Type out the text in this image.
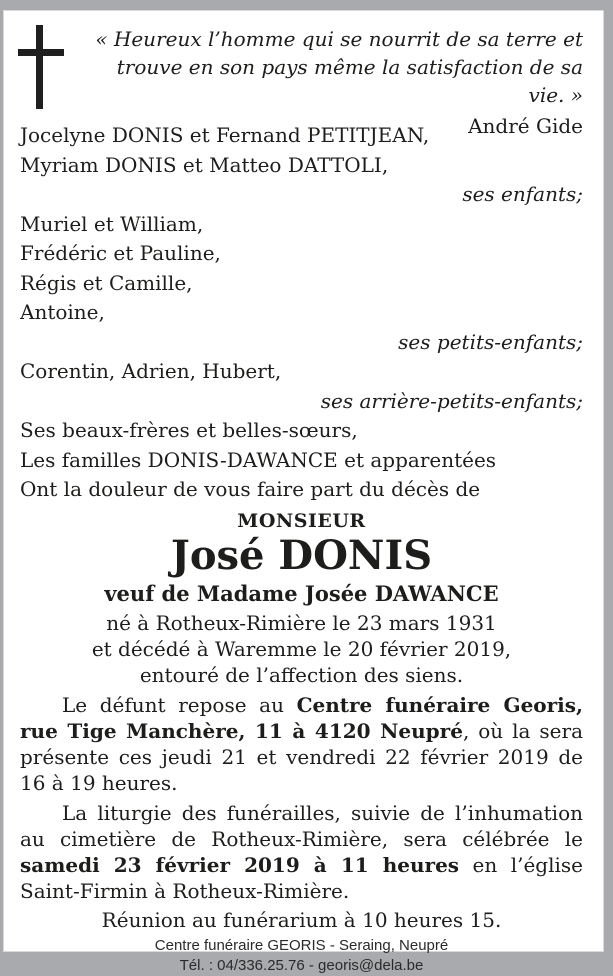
« Heureux l’homme qui se nourrit de sa terre et
trouve en son pays même la satisfaction de sa vie. »
André Gide
Jocelyne DONIS et Fernand PETITJEAN,
Myriam DONIS et Matteo DATTOLI,
ses enfants;
Muriel et William,
Frédéric et Pauline,
Régis et Camille,
Antoine,
ses petits-enfants;
Corentin, Adrien, Hubert,
ses arrière-petits-enfants;
Ses beaux-frères et belles-sœurs,
Les familles DONIS-DAWANCE et apparentées
Ont la douleur de vous faire part du décès de
MONSIEUR
José DONIS
veuf de Madame Josée DAWANCE
né à Rotheux-Rimière le 23 mars 1931
et décédé à Waremme le 20 février 2019,
entouré de l’affection des siens.

Le défunt repose au Centre funéraire Georis, rue Tige Manchère, 11 à 4120 Neupré, où la sera présente ces jeudi 21 et vendredi 22 février 2019 de 16 à 19 heures.

La liturgie des funérailles, suivie de l’inhumation au cimetière de Rotheux-Rimière, sera célébrée le samedi 23 février 2019 à 11 heures en l’église Saint-Firmin à Rotheux-Rimière.

Réunion au funérarium à 10 heures 15.
Centre funéraire GEORIS - Seraing, Neupré
Tél. : 04/336.25.76 - georis@dela.be
